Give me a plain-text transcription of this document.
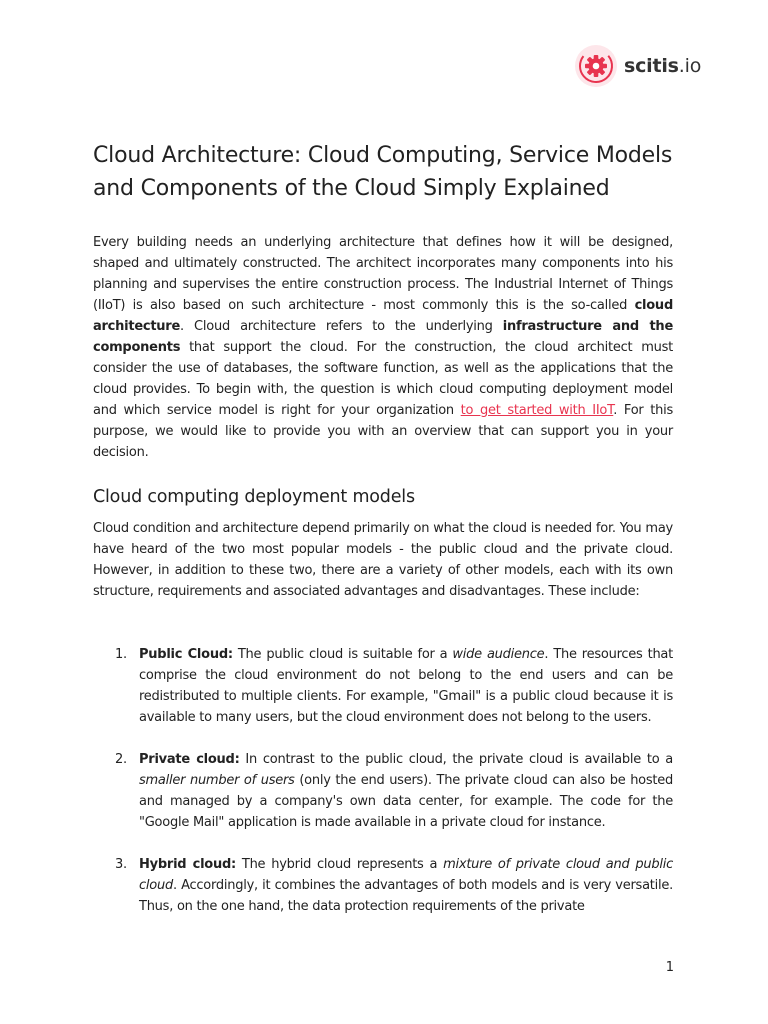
scitis.io
Cloud Architecture: Cloud Computing, Service Models and Components of the Cloud Simply Explained

Every building needs an underlying architecture that defines how it will be designed, shaped and ultimately constructed. The architect incorporates many components into his planning and supervises the entire construction process. The Industrial Internet of Things (IIoT) is also based on such architecture - most commonly this is the so-called cloud architecture. Cloud architecture refers to the underlying infrastructure and the components that support the cloud. For the construction, the cloud architect must consider the use of databases, the software function, as well as the applications that the cloud provides. To begin with, the question is which cloud computing deployment model and which service model is right for your organization to get started with IIoT. For this purpose, we would like to provide you with an overview that can support you in your decision.

Cloud computing deployment models

Cloud condition and architecture depend primarily on what the cloud is needed for. You may have heard of the two most popular models - the public cloud and the private cloud. However, in addition to these two, there are a variety of other models, each with its own structure, requirements and associated advantages and disadvantages. These include:

1. Public Cloud: The public cloud is suitable for a wide audience. The resources that comprise the cloud environment do not belong to the end users and can be redistributed to multiple clients. For example, "Gmail" is a public cloud because it is available to many users, but the cloud environment does not belong to the users.
2. Private cloud: In contrast to the public cloud, the private cloud is available to a smaller number of users (only the end users). The private cloud can also be hosted and managed by a company's own data center, for example. The code for the "Google Mail" application is made available in a private cloud for instance.
3. Hybrid cloud: The hybrid cloud represents a mixture of private cloud and public cloud. Accordingly, it combines the advantages of both models and is very versatile. Thus, on the one hand, the data protection requirements of the private
1
